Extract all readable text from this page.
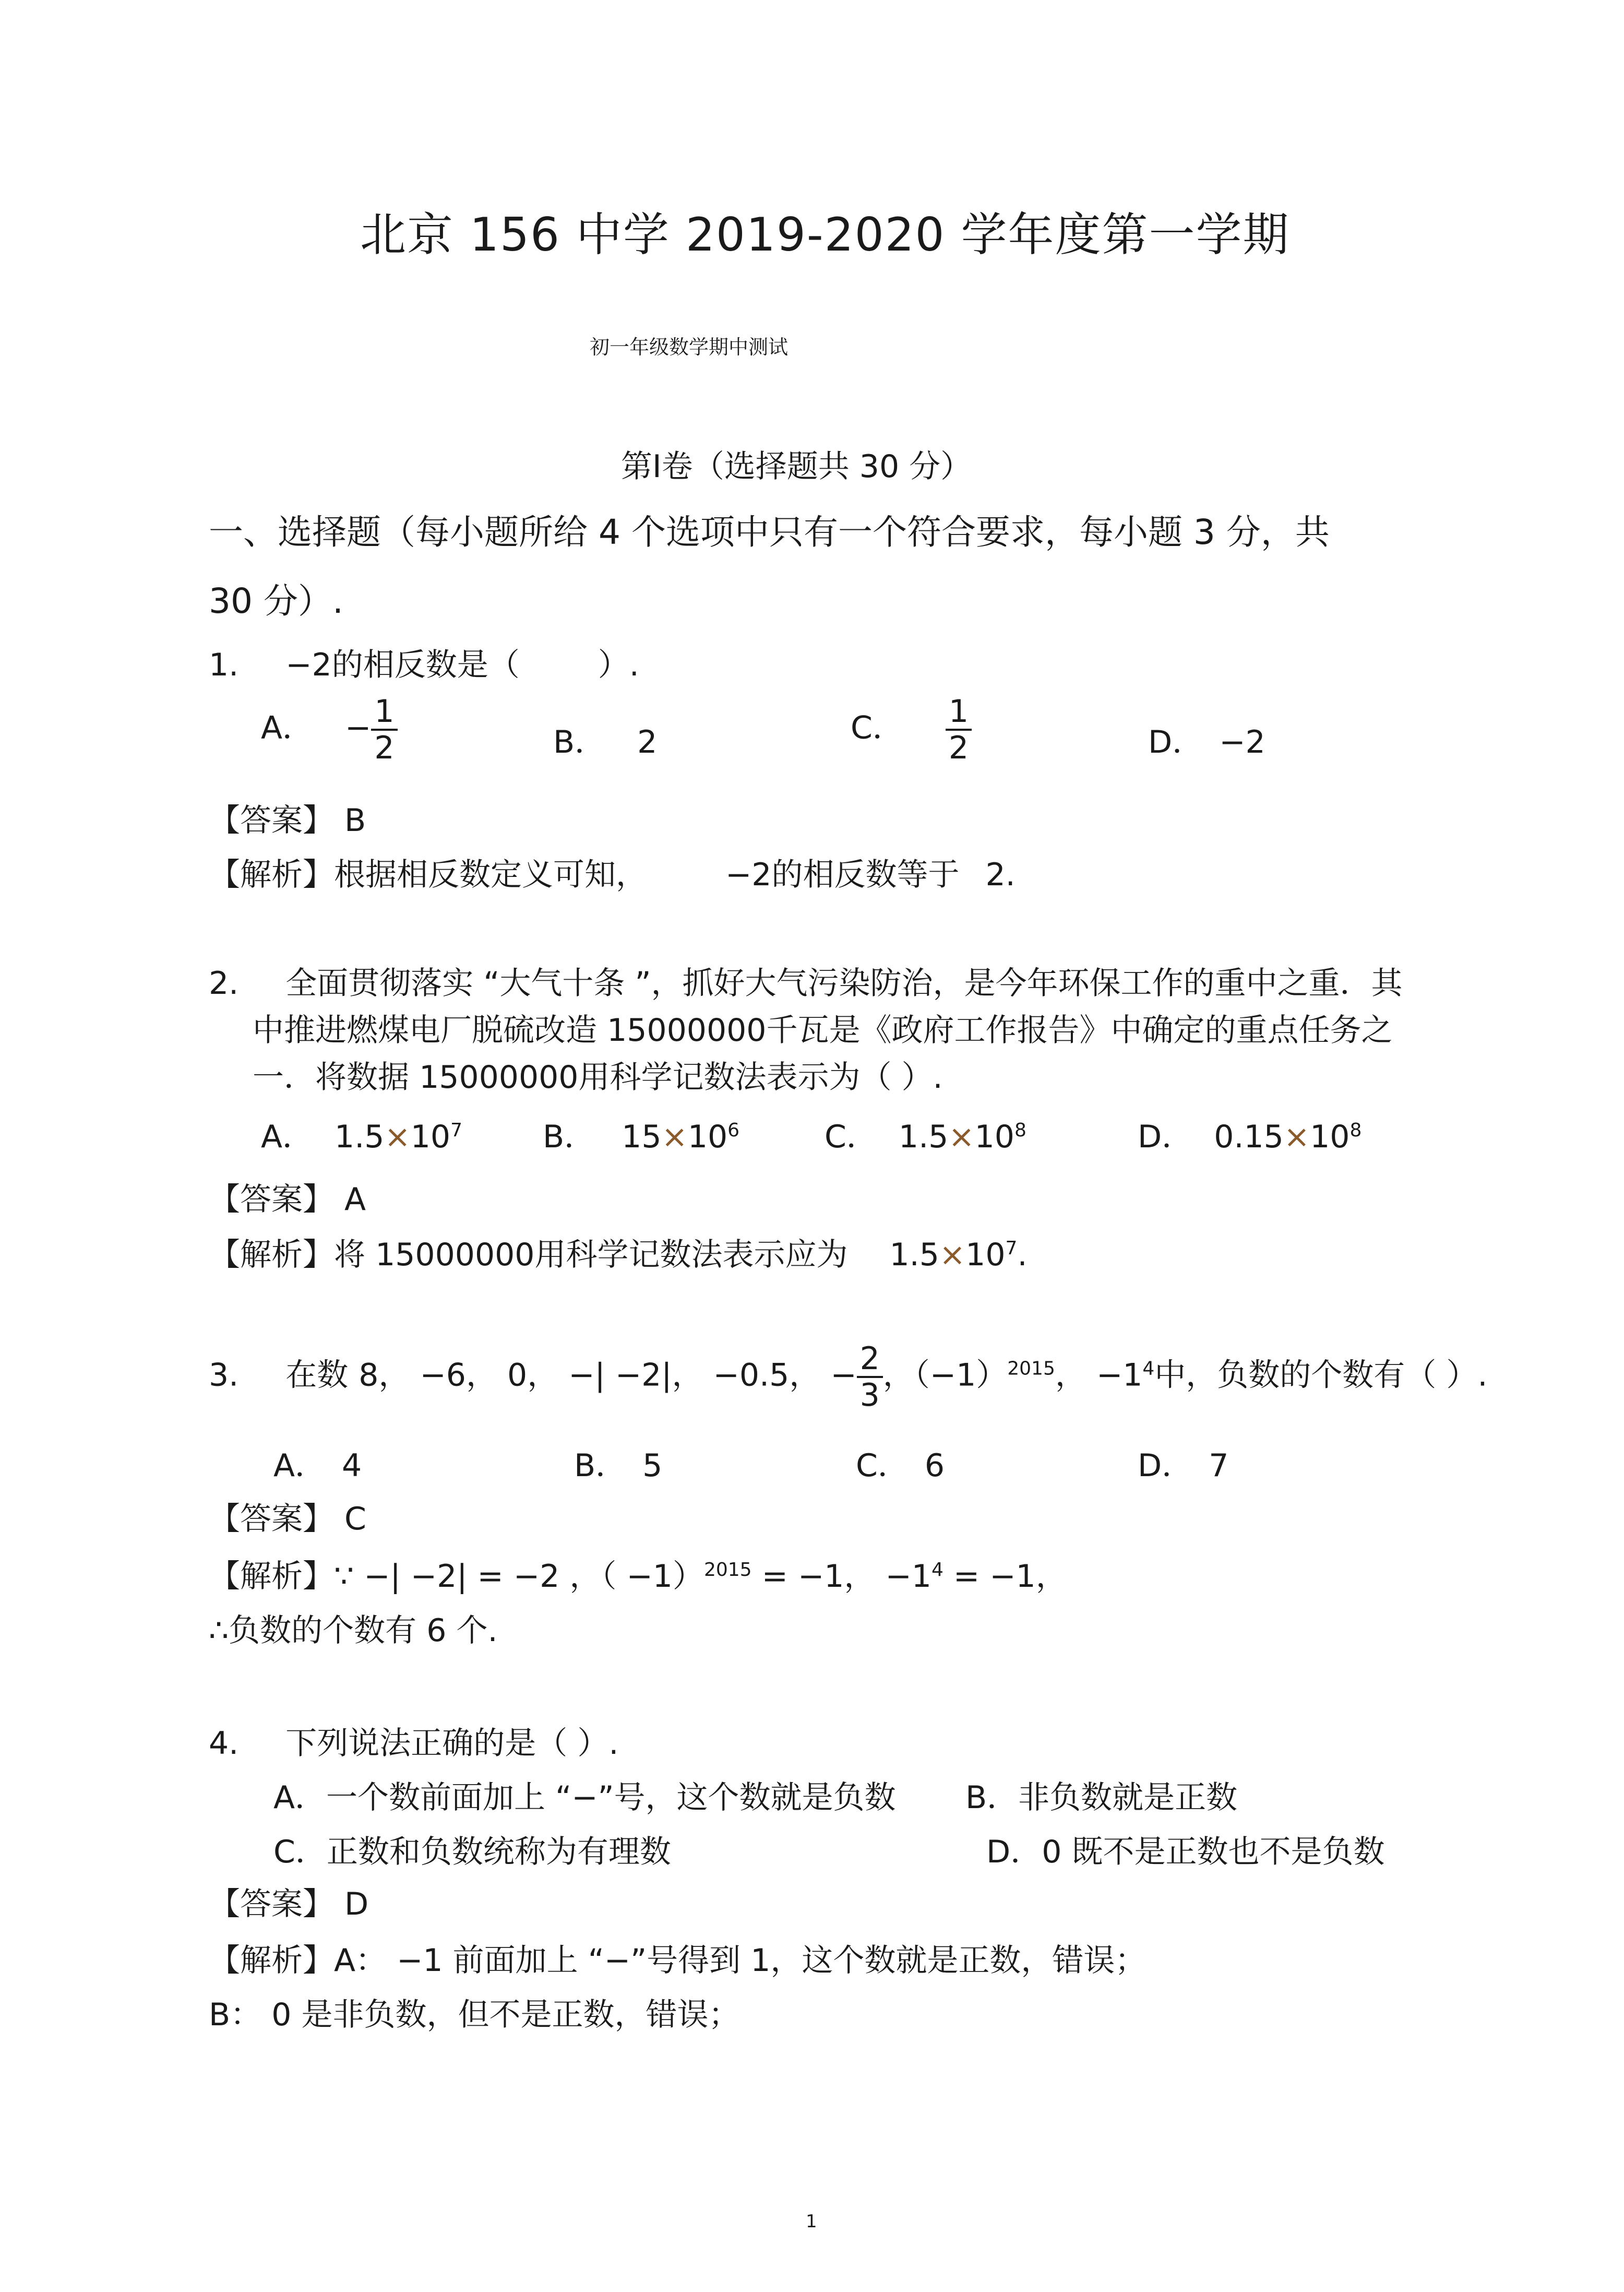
北京 156 中学 2019-2020 学年度第一学期
初一年级数学期中测试
第Ⅰ卷（选择题共 30 分）
一、选择题（每小题所给 4 个选项中只有一个符合要求，每小题 3 分，共
30 分）.
1. −2的相反数是（	）.
A． − $\frac{1}{2}$	B． 2	C． $\frac{1}{2}$	D． −2
【答案】 B
【解析】根据相反数定义可知，	−2的相反数等于 2.
2. 全面贯彻落实 “大气十条 ”，抓好大气污染防治，是今年环保工作的重中之重．其
中推进燃煤电厂脱硫改造 15000000千瓦是《政府工作报告》中确定的重点任务之
一．将数据 15000000用科学记数法表示为（ ）.
A． $1.5\times 10^7$	B． $15\times 10^6$	C． $1.5\times 10^8$	D． $0.15\times 10^8$
【答案】 A
【解析】将 15000000用科学记数法表示应为 $1.5\times 10^7$.
3. 在数 8， −6， 0， −| −2|， −0.5， − $\frac{2}{3}$ ，$(-1)^{2015}$， $-1^4$中，负数的个数有（ ）.
A． 4	B． 5	C． 6	D． 7
【答案】 C
【解析】∵ −| −2| = −2 ，（ −1）$^{2015}$ = −1， $-1^4 = -1$，
∴负数的个数有 6 个.
4. 下列说法正确的是（ ）.
A．一个数前面加上 “−”号，这个数就是负数 B．非负数就是正数
C．正数和负数统称为有理数	D．0 既不是正数也不是负数
【答案】 D
【解析】A： −1 前面加上 “−”号得到 1，这个数就是正数，错误；
B： 0 是非负数，但不是正数，错误；
1
